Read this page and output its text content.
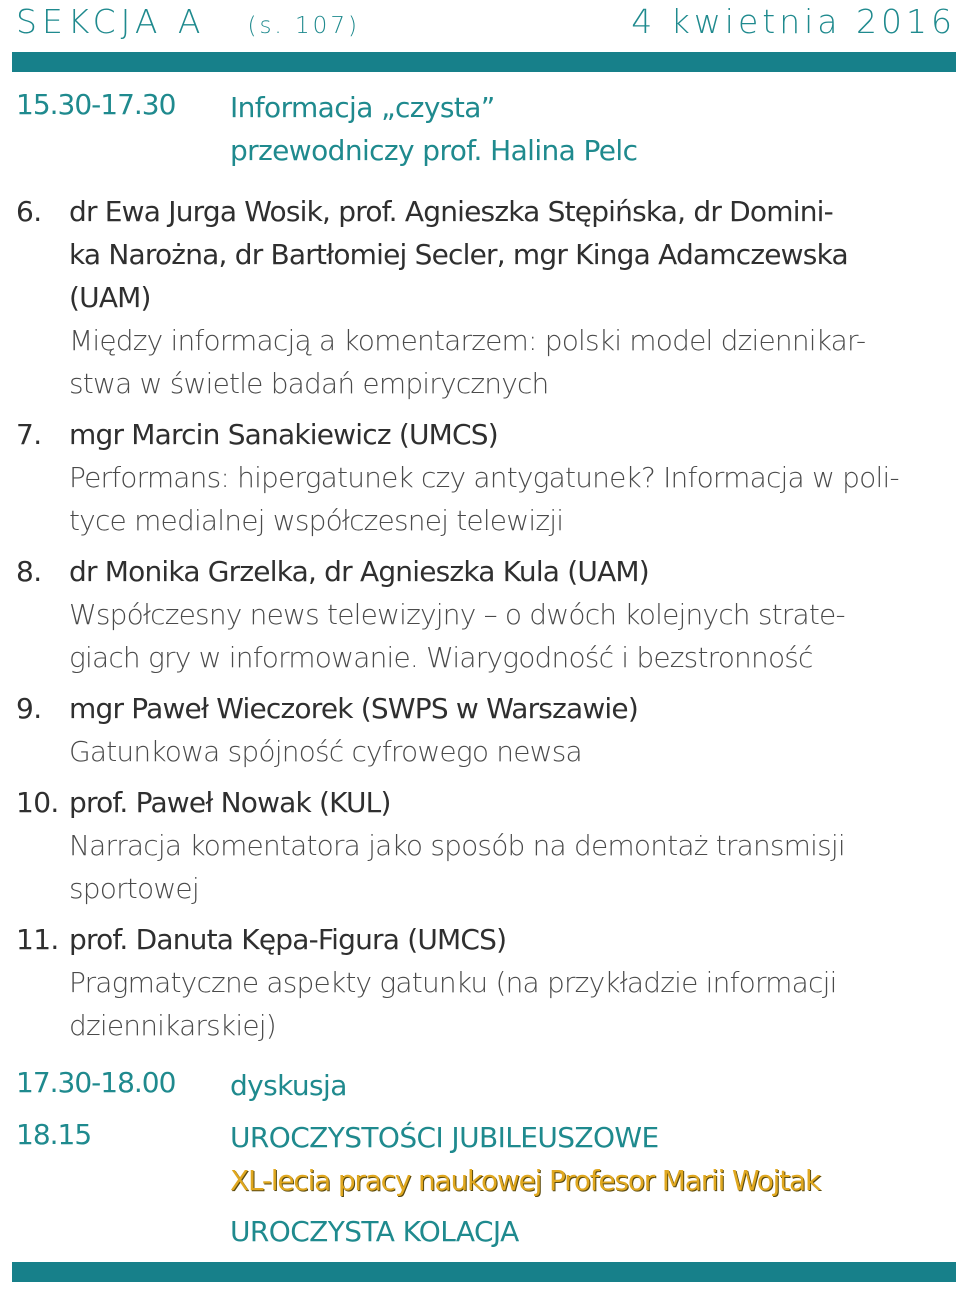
SEKCJA A (s. 107)	4 kwietnia 2016
15.30-17.30 Informacja „czysta”
przewodniczy prof. Halina Pelc
6. dr Ewa Jurga Wosik, prof. Agnieszka Stępińska, dr Domini-
ka Narożna, dr Bartłomiej Secler, mgr Kinga Adamczewska
(UAM)
Między informacją a komentarzem: polski model dziennikar-
stwa w świetle badań empirycznych
7. mgr Marcin Sanakiewicz (UMCS)
Performans: hipergatunek czy antygatunek? Informacja w poli-
tyce medialnej współczesnej telewizji
8. dr Monika Grzelka, dr Agnieszka Kula (UAM)
Współczesny news telewizyjny – o dwóch kolejnych strate-
giach gry w informowanie. Wiarygodność i bezstronność
9. mgr Paweł Wieczorek (SWPS w Warszawie)
Gatunkowa spójność cyfrowego newsa
10. prof. Paweł Nowak (KUL)
Narracja komentatora jako sposób na demontaż transmisji
sportowej
11. prof. Danuta Kępa-Figura (UMCS)
Pragmatyczne aspekty gatunku (na przykładzie informacji
dziennikarskiej)
17.30-18.00 dyskusja
18.15	UROCZYSTOŚCI JUBILEUSZOWE
XL-lecia pracy naukowej Profesor Marii Wojtak
UROCZYSTA KOLACJA
